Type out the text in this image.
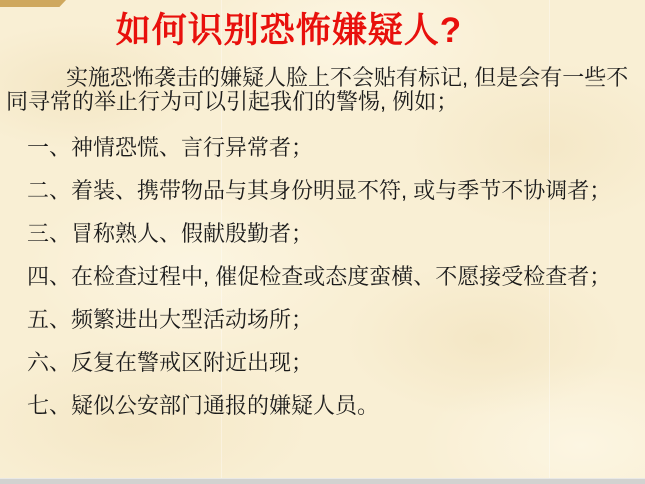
如何识别恐怖嫌疑人?
实施恐怖袭击的嫌疑人脸上不会贴有标记, 但是会有一些不
同寻常的举止行为可以引起我们的警惕, 例如；
一、神情恐慌、言行异常者；
二、着装、携带物品与其身份明显不符, 或与季节不协调者；
三、冒称熟人、假献殷勤者；
四、在检查过程中, 催促检查或态度蛮横、不愿接受检查者；
五、频繁进出大型活动场所；
六、反复在警戒区附近出现；
七、疑似公安部门通报的嫌疑人员。
